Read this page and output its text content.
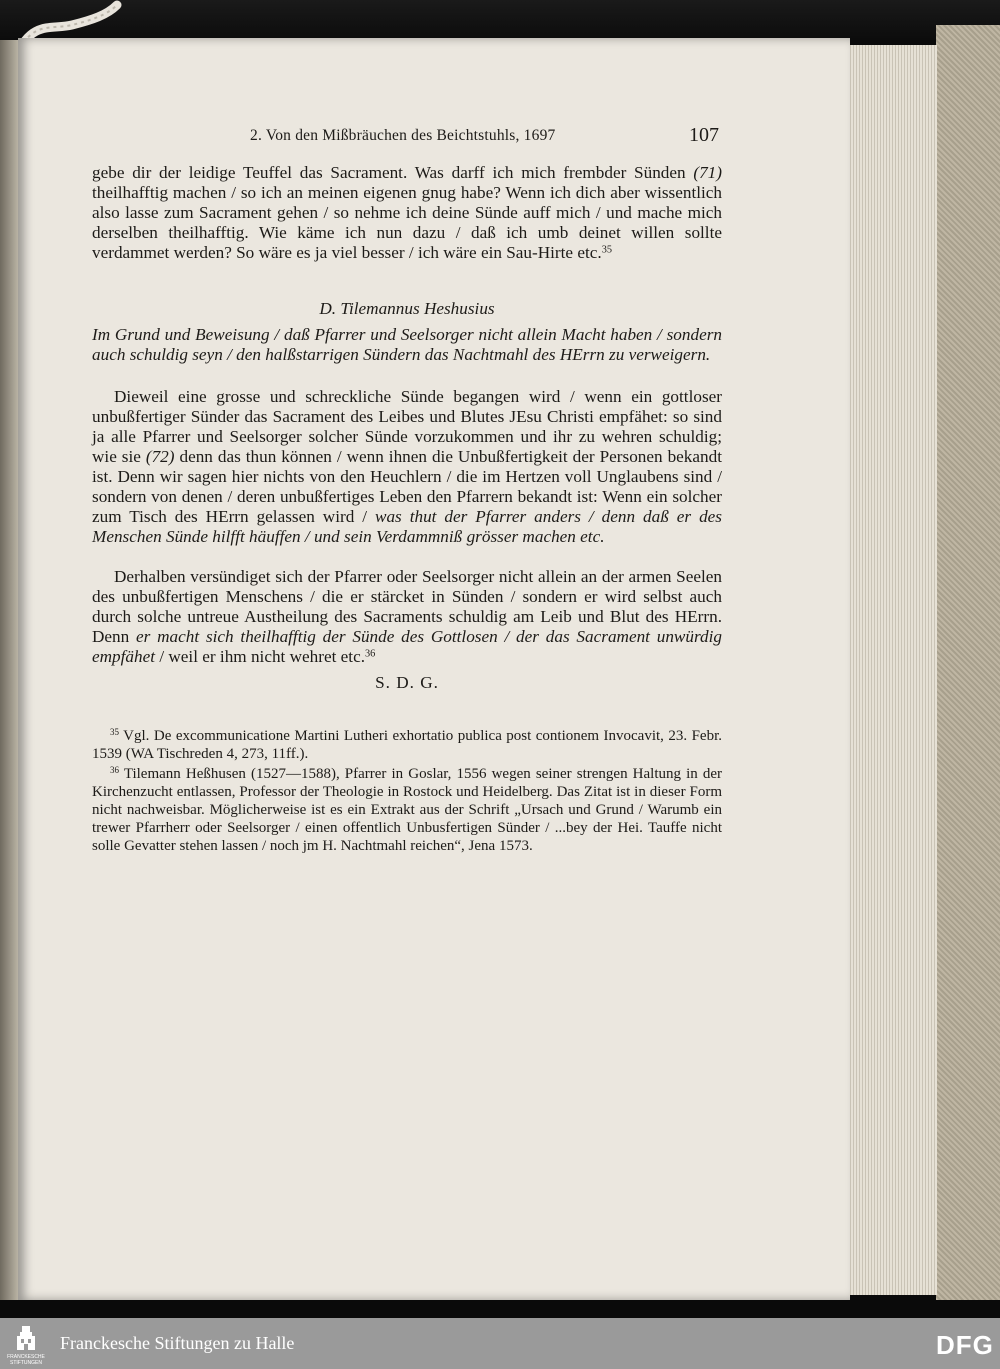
2. Von den Mißbräuchen des Beichtstuhls, 1697	107
gebe dir der leidige Teuffel das Sacrament. Was darff ich mich frembder Sünden (71) theilhafftig machen / so ich an meinen eigenen gnug habe? Wenn ich dich aber wissentlich also lasse zum Sacrament gehen / so nehme ich deine Sünde auff mich / und mache mich derselben theilhafftig. Wie käme ich nun dazu / daß ich umb deinet willen sollte verdammet werden? So wäre es ja viel besser / ich wäre ein Sau-Hirte etc.$^{35}$
D. Tilemannus Heshusius
Im Grund und Beweisung / daß Pfarrer und Seelsorger nicht allein Macht haben / sondern auch schuldig seyn / den halßstarrigen Sündern das Nachtmahl des HErrn zu verweigern.
Dieweil eine grosse und schreckliche Sünde begangen wird / wenn ein gottloser unbußfertiger Sünder das Sacrament des Leibes und Blutes JEsu Christi empfähet: so sind ja alle Pfarrer und Seelsorger solcher Sünde vorzukommen und ihr zu wehren schuldig; wie sie (72) denn das thun können / wenn ihnen die Unbußfertigkeit der Personen bekandt ist. Denn wir sagen hier nichts von den Heuchlern / die im Hertzen voll Unglaubens sind / sondern von denen / deren unbußfertiges Leben den Pfarrern bekandt ist: Wenn ein solcher zum Tisch des HErrn gelassen wird / was thut der Pfarrer anders / denn daß er des Menschen Sünde hilfft häuffen / und sein Verdammniß grösser machen etc.
Derhalben versündiget sich der Pfarrer oder Seelsorger nicht allein an der armen Seelen des unbußfertigen Menschens / die er stärcket in Sünden / sondern er wird selbst auch durch solche untreue Austheilung des Sacraments schuldig am Leib und Blut des HErrn. Denn er macht sich theilhafftig der Sünde des Gottlosen / der das Sacrament unwürdig empfähet / weil er ihm nicht wehret etc.$^{36}$
S. D. G.
$^{35}$ Vgl. De excommunicatione Martini Lutheri exhortatio publica post contionem Invocavit, 23. Febr. 1539 (WA Tischreden 4, 273, 11ff.).
$^{36}$ Tilemann Heßhusen (1527—1588), Pfarrer in Goslar, 1556 wegen seiner strengen Haltung in der Kirchenzucht entlassen, Professor der Theologie in Rostock und Heidelberg. Das Zitat ist in dieser Form nicht nachweisbar. Möglicherweise ist es ein Extrakt aus der Schrift „Ursach und Grund / Warumb ein trewer Pfarrherr oder Seelsorger / einen offentlich Unbusfertigen Sünder / ...bey der Hei. Tauffe nicht solle Gevatter stehen lassen / noch jm H. Nachtmahl reichen“, Jena 1573.
FRANCKESCHE STIFTUNGEN
Franckesche Stiftungen zu Halle	DFG
